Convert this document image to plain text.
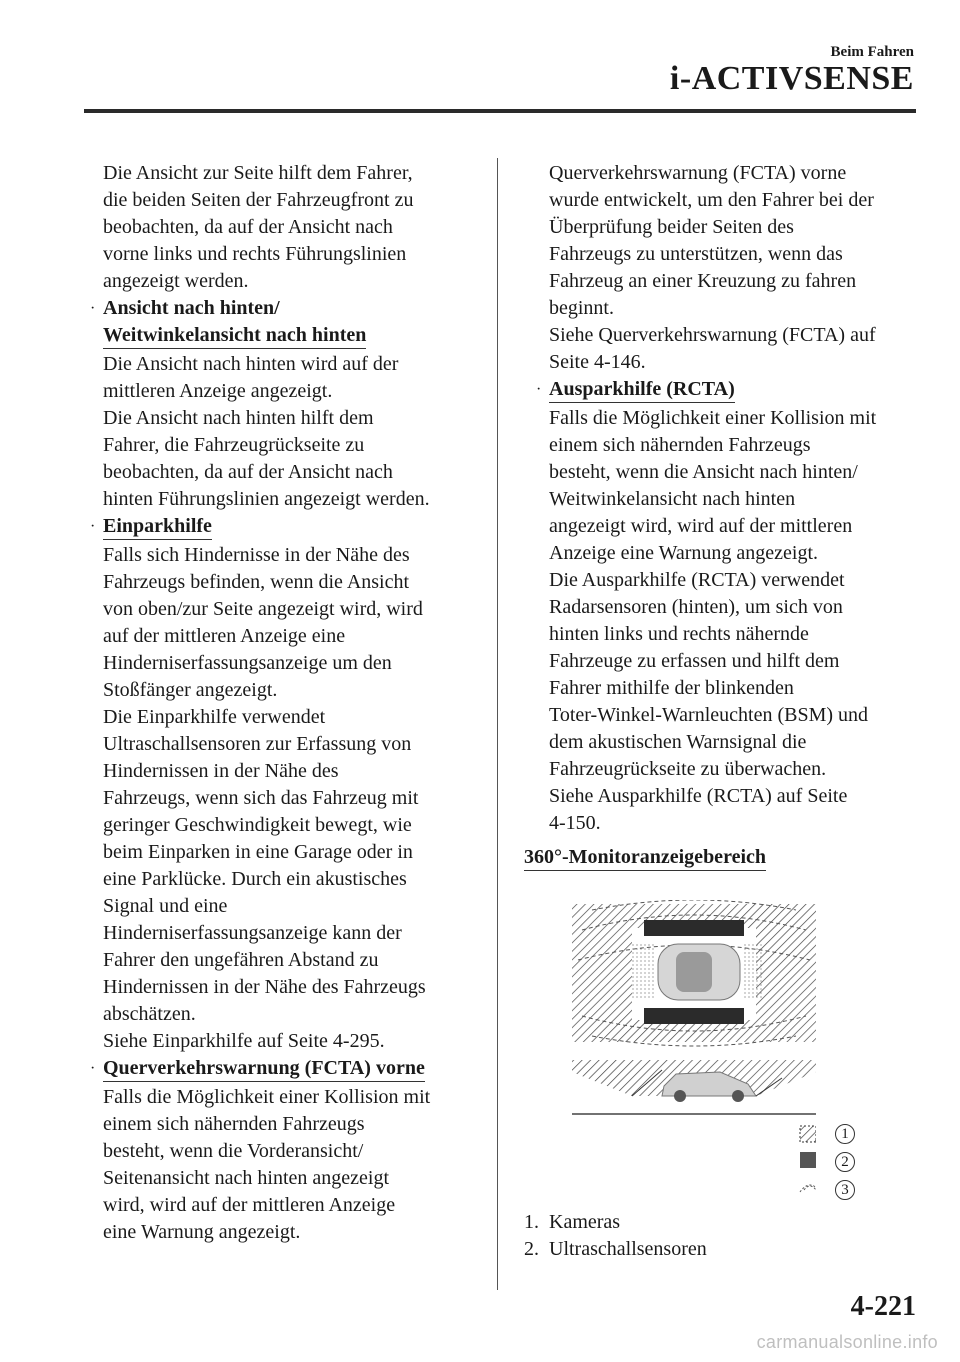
Beim Fahren
i-ACTIVSENSE

Die Ansicht zur Seite hilft dem Fahrer,

die beiden Seiten der Fahrzeugfront zu

beobachten, da auf der Ansicht nach

vorne links und rechts Führungslinien

angezeigt werden.

· Ansicht nach hinten/
Weitwinkelansicht nach hinten

Die Ansicht nach hinten wird auf der

mittleren Anzeige angezeigt.

Die Ansicht nach hinten hilft dem

Fahrer, die Fahrzeugrückseite zu

beobachten, da auf der Ansicht nach

hinten Führungslinien angezeigt werden.

· Einparkhilfe

Falls sich Hindernisse in der Nähe des

Fahrzeugs befinden, wenn die Ansicht

von oben/zur Seite angezeigt wird, wird

auf der mittleren Anzeige eine

Hinderniserfassungsanzeige um den

Stoßfänger angezeigt.

Die Einparkhilfe verwendet

Ultraschallsensoren zur Erfassung von

Hindernissen in der Nähe des

Fahrzeugs, wenn sich das Fahrzeug mit

geringer Geschwindigkeit bewegt, wie

beim Einparken in eine Garage oder in

eine Parklücke. Durch ein akustisches

Signal und eine

Hinderniserfassungsanzeige kann der

Fahrer den ungefähren Abstand zu

Hindernissen in der Nähe des Fahrzeugs

abschätzen.

Siehe Einparkhilfe auf Seite 4-295.

· Querverkehrswarnung (FCTA) vorne

Falls die Möglichkeit einer Kollision mit

einem sich nähernden Fahrzeugs

besteht, wenn die Vorderansicht/

Seitenansicht nach hinten angezeigt

wird, wird auf der mittleren Anzeige

eine Warnung angezeigt.

Querverkehrswarnung (FCTA) vorne

wurde entwickelt, um den Fahrer bei der

Überprüfung beider Seiten des

Fahrzeugs zu unterstützen, wenn das

Fahrzeug an einer Kreuzung zu fahren

beginnt.

Siehe Querverkehrswarnung (FCTA) auf

Seite 4-146.

· Ausparkhilfe (RCTA)

Falls die Möglichkeit einer Kollision mit

einem sich nähernden Fahrzeugs

besteht, wenn die Ansicht nach hinten/

Weitwinkelansicht nach hinten

angezeigt wird, wird auf der mittleren

Anzeige eine Warnung angezeigt.

Die Ausparkhilfe (RCTA) verwendet

Radarsensoren (hinten), um sich von

hinten links und rechts nähernde

Fahrzeuge zu erfassen und hilft dem

Fahrer mithilfe der blinkenden

Toter-Winkel-Warnleuchten (BSM) und

dem akustischen Warnsignal die

Fahrzeugrückseite zu überwachen.

Siehe Ausparkhilfe (RCTA) auf Seite

4-150.

360°-Monitoranzeigebereich
1
2
3
1. Kameras
2. Ultraschallsensoren
4-221
carmanualsonline.info
